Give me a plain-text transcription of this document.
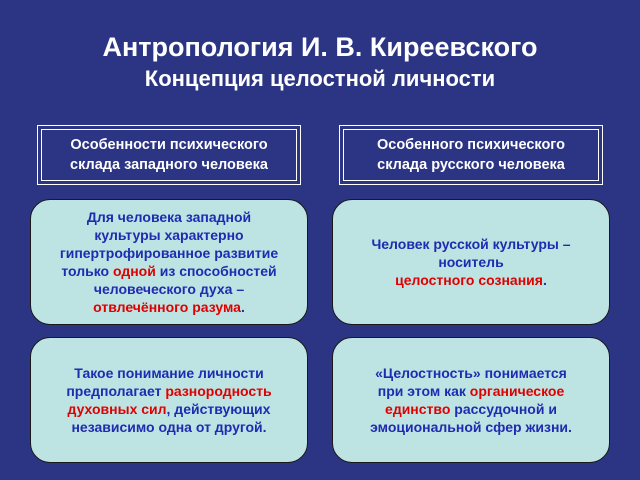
Антропология И. В. Киреевского
Концепция целостной личности
Особенности психического
склада западного человека
Особенного психического
склада русского человека
Для человека западной
культуры характерно
гипертрофированное развитие
только одной из способностей
человеческого духа –
отвлечённого разума.
Человек русской культуры –
носитель
целостного сознания.
Такое понимание личности
предполагает разнородность
духовных сил, действующих
независимо одна от другой.
«Целостность» понимается
при этом как органическое
единство рассудочной и
эмоциональной сфер жизни.
